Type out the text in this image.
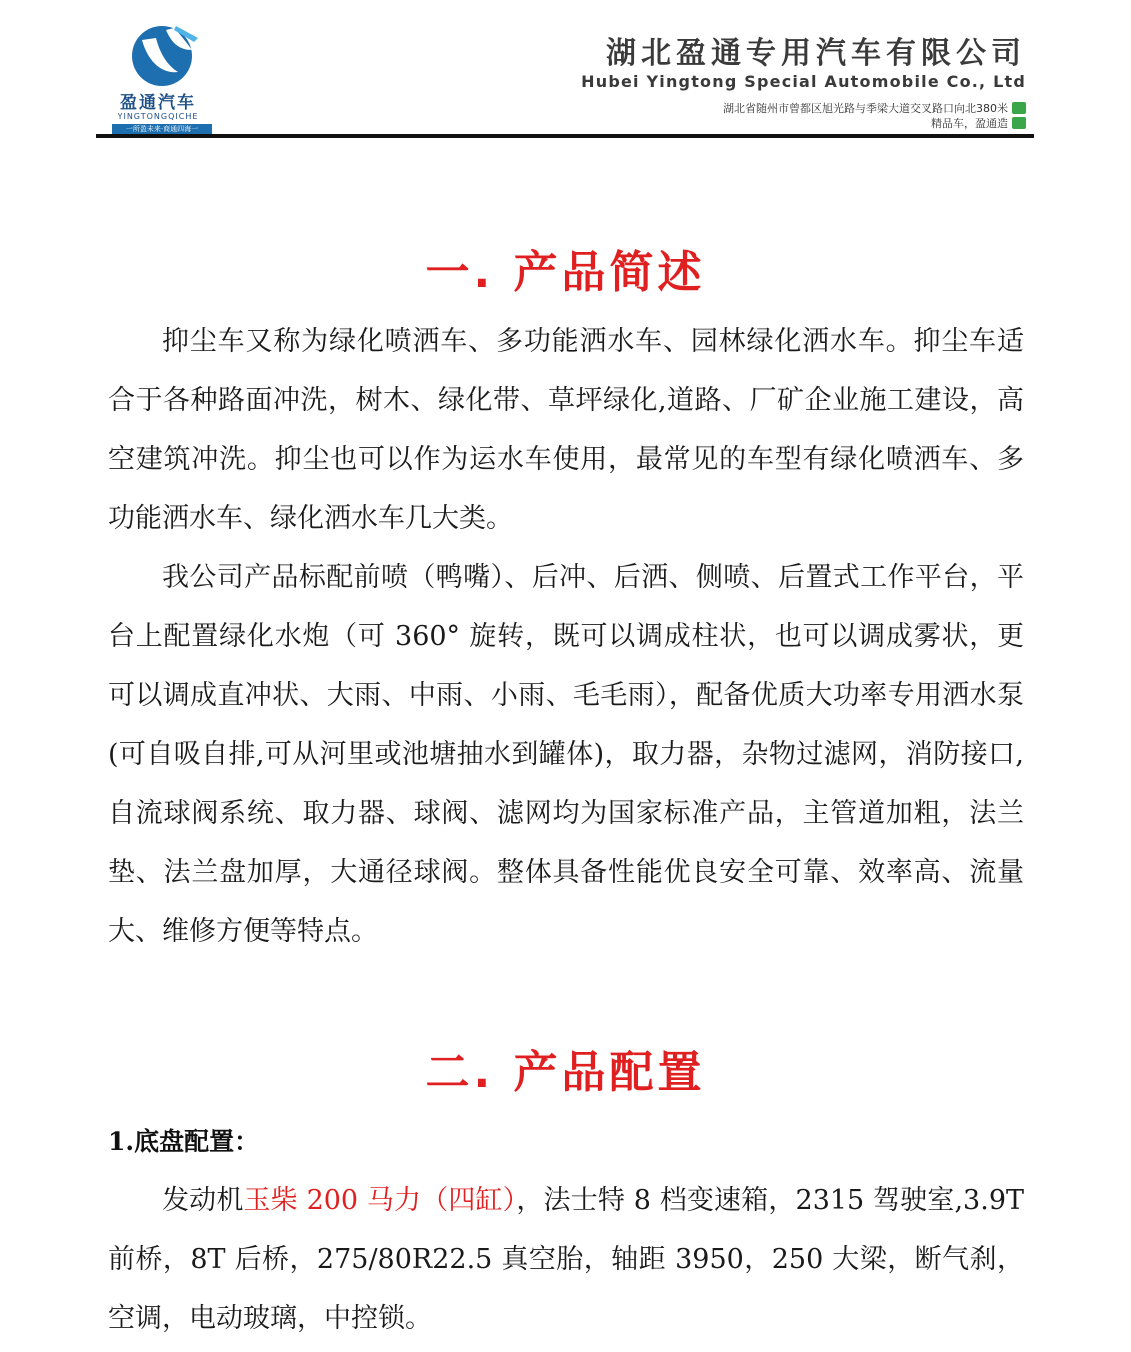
盈通汽车
YINGTONGQICHE
一所盈未来·商通四海一
湖北盈通专用汽车有限公司
Hubei Yingtong Special Automobile Co., Ltd
湖北省随州市曾都区旭光路与季梁大道交叉路口向北380米
精品车，盈通造
一. 产品简述

抑尘车又称为绿化喷洒车、多功能洒水车、园林绿化洒水车。抑尘车适合于各种路面冲洗，树木、绿化带、草坪绿化,道路、厂矿企业施工建设，高空建筑冲洗。抑尘也可以作为运水车使用，最常见的车型有绿化喷洒车、多功能洒水车、绿化洒水车几大类。

我公司产品标配前喷（鸭嘴）、后冲、后洒、侧喷、后置式工作平台，平台上配置绿化水炮（可 360° 旋转，既可以调成柱状，也可以调成雾状，更可以调成直冲状、大雨、中雨、小雨、毛毛雨），配备优质大功率专用洒水泵(可自吸自排,可从河里或池塘抽水到罐体)，取力器，杂物过滤网，消防接口,自流球阀系统、取力器、球阀、滤网均为国家标准产品，主管道加粗，法兰垫、法兰盘加厚，大通径球阀。整体具备性能优良安全可靠、效率高、流量大、维修方便等特点。

二. 产品配置
1.底盘配置：

发动机玉柴 200 马力（四缸），法士特 8 档变速箱，2315 驾驶室,3.9T 前桥，8T 后桥，275/80R22.5 真空胎，轴距 3950，250 大梁，断气刹，空调，电动玻璃，中控锁。
